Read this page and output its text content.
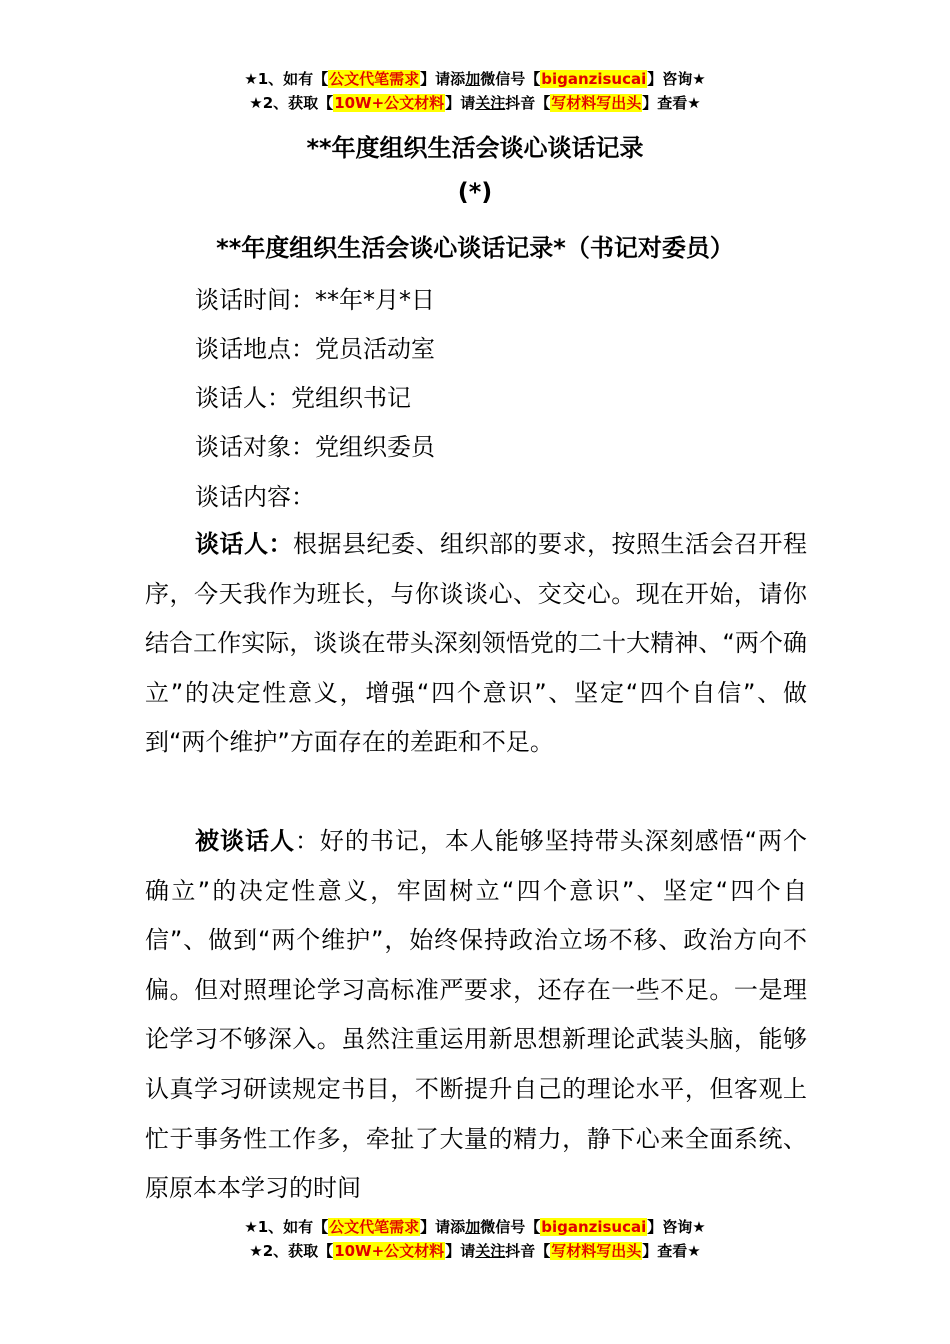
★1、如有【公文代笔需求】请添加微信号【biganzisucai】咨询★
★2、获取【10W+公文材料】请关注抖音【写材料写出头】查看★
**年度组织生活会谈心谈话记录
(*)
**年度组织生活会谈心谈话记录*（书记对委员）
谈话时间：**年*月*日
谈话地点：党员活动室
谈话人：党组织书记
谈话对象：党组织委员
谈话内容：

谈话人：根据县纪委、组织部的要求，按照生活会召开程序，今天我作为班长，与你谈谈心、交交心。现在开始，请你结合工作实际，谈谈在带头深刻领悟党的二十大精神、“两个确立”的决定性意义，增强“四个意识”、坚定“四个自信”、做到“两个维护”方面存在的差距和不足。

被谈话人：好的书记，本人能够坚持带头深刻感悟“两个确立”的决定性意义，牢固树立“四个意识”、坚定“四个自信”、做到“两个维护”，始终保持政治立场不移、政治方向不偏。但对照理论学习高标准严要求，还存在一些不足。一是理论学习不够深入。虽然注重运用新思想新理论武装头脑，能够认真学习研读规定书目，不断提升自己的理论水平，但客观上忙于事务性工作多，牵扯了大量的精力，静下心来全面系统、原原本本学习的时间

★1、如有【公文代笔需求】请添加微信号【biganzisucai】咨询★
★2、获取【10W+公文材料】请关注抖音【写材料写出头】查看★
